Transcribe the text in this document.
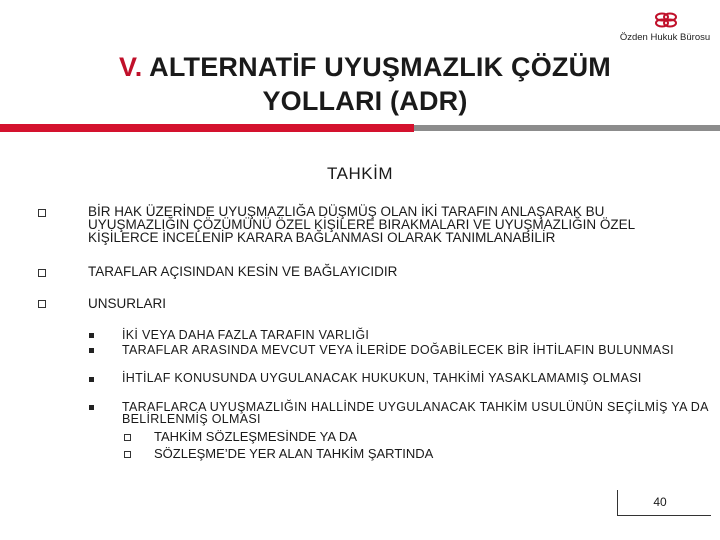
Özden Hukuk Bürosu
V. ALTERNATİF UYUŞMAZLIK ÇÖZÜM YOLLARI (ADR)
TAHKİM
BİR HAK ÜZERİNDE UYUŞMAZLIĞA DÜŞMÜŞ OLAN İKİ TARAFIN ANLAŞARAK BU UYUŞMAZLIĞIN ÇÖZÜMÜNÜ ÖZEL KİŞİLERE BIRAKMALARI VE UYUŞMAZLIĞIN ÖZEL KİŞİLERCE İNCELENİP KARARA BAĞLANMASI OLARAK TANIMLANABİLİR
TARAFLAR AÇISINDAN KESİN VE BAĞLAYICIDIR
UNSURLARI
İKİ VEYA DAHA FAZLA TARAFIN VARLIĞI
TARAFLAR ARASINDA MEVCUT VEYA İLERİDE DOĞABİLECEK BİR İHTİLAFIN BULUNMASI
İHTİLAF KONUSUNDA UYGULANACAK HUKUKUN, TAHKİMİ YASAKLAMAMIŞ OLMASI
TARAFLARCA UYUŞMAZLIĞIN HALLİNDE UYGULANACAK TAHKİM USULÜNÜN SEÇİLMİŞ YA DA BELİRLENMİŞ OLMASI
TAHKİM SÖZLEŞMESİNDE YA DA
SÖZLEŞME’DE YER ALAN TAHKİM ŞARTINDA
40
